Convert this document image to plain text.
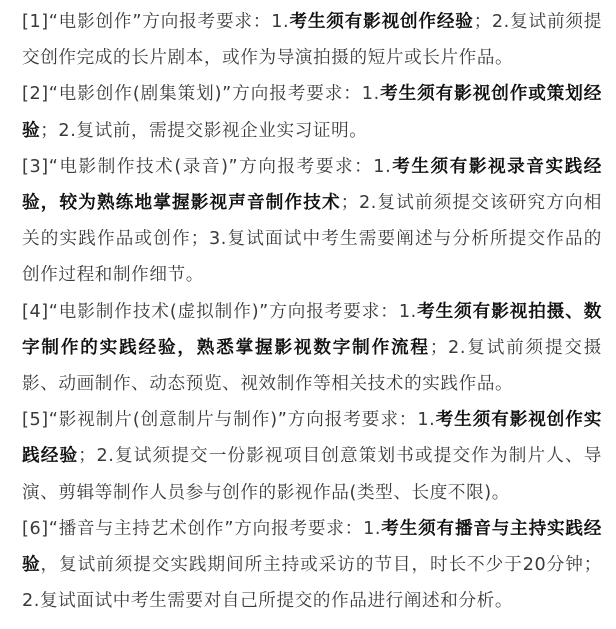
[1]“电影创作”方向报考要求：1.考生须有影视创作经验；2.复试前须提交创作完成的长片剧本，或作为导演拍摄的短片或长片作品。

[2]“电影创作(剧集策划)”方向报考要求：1.考生须有影视创作或策划经验；2.复试前，需提交影视企业实习证明。

[3]“电影制作技术(录音)”方向报考要求：1.考生须有影视录音实践经验，较为熟练地掌握影视声音制作技术；2.复试前须提交该研究方向相关的实践作品或创作；3.复试面试中考生需要阐述与分析所提交作品的创作过程和制作细节。

[4]“电影制作技术(虚拟制作)”方向报考要求：1.考生须有影视拍摄、数字制作的实践经验，熟悉掌握影视数字制作流程；2.复试前须提交摄影、动画制作、动态预览、视效制作等相关技术的实践作品。

[5]“影视制片(创意制片与制作)”方向报考要求：1.考生须有影视创作实践经验；2.复试须提交一份影视项目创意策划书或提交作为制片人、导演、剪辑等制作人员参与创作的影视作品(类型、长度不限)。

[6]“播音与主持艺术创作”方向报考要求：1.考生须有播音与主持实践经验，复试前须提交实践期间所主持或采访的节目，时长不少于20分钟；2.复试面试中考生需要对自己所提交的作品进行阐述和分析。
